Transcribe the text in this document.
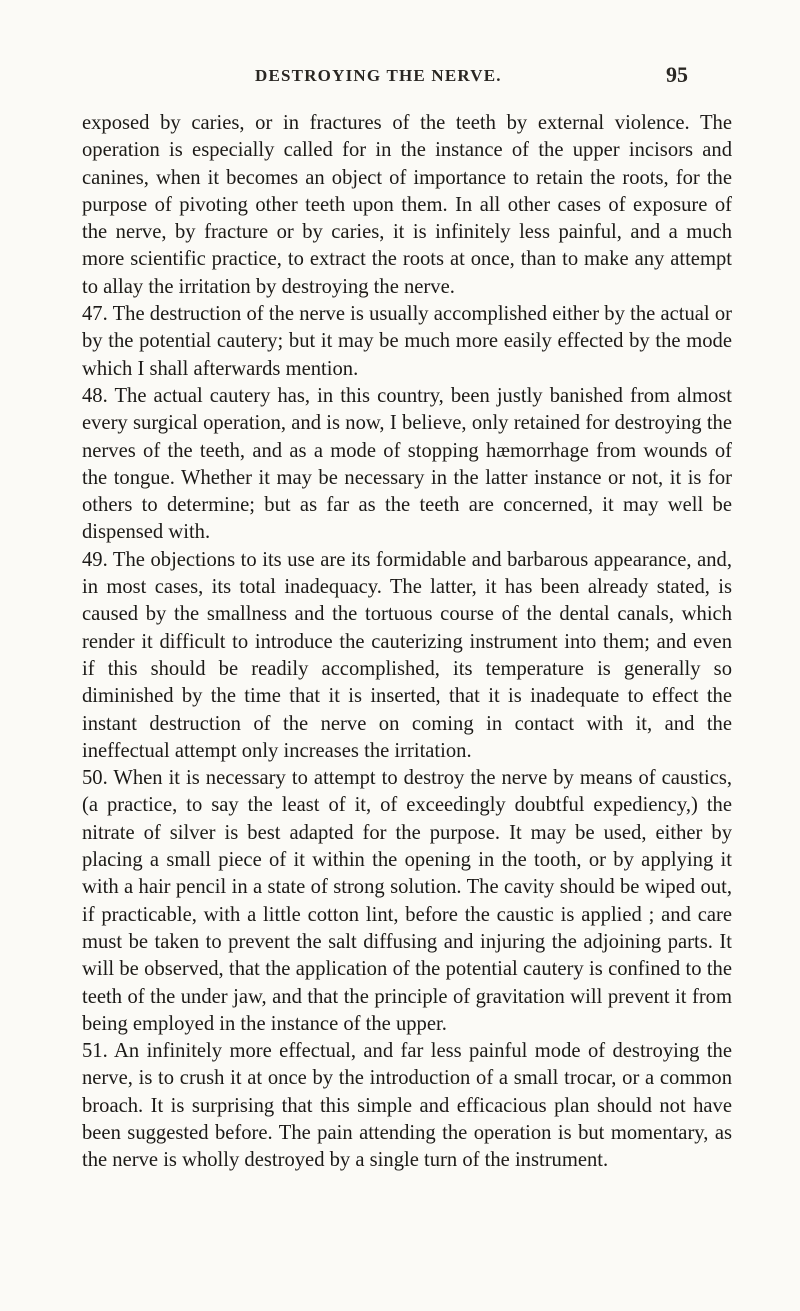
DESTROYING THE NERVE.	95

exposed by caries, or in fractures of the teeth by external violence. The operation is especially called for in the instance of the upper incisors and canines, when it becomes an object of importance to retain the roots, for the purpose of pivoting other teeth upon them. In all other cases of exposure of the nerve, by fracture or by caries, it is infinitely less painful, and a much more scientific practice, to extract the roots at once, than to make any attempt to allay the irritation by destroying the nerve.

47. The destruction of the nerve is usually accomplished either by the actual or by the potential cautery; but it may be much more easily effected by the mode which I shall afterwards mention.

48. The actual cautery has, in this country, been justly banished from almost every surgical operation, and is now, I believe, only retained for destroying the nerves of the teeth, and as a mode of stopping hæmorrhage from wounds of the tongue. Whether it may be necessary in the latter instance or not, it is for others to determine; but as far as the teeth are concerned, it may well be dispensed with.

49. The objections to its use are its formidable and barbarous appearance, and, in most cases, its total inadequacy. The latter, it has been already stated, is caused by the smallness and the tortuous course of the dental canals, which render it difficult to introduce the cauterizing instrument into them; and even if this should be readily accomplished, its temperature is generally so diminished by the time that it is inserted, that it is inadequate to effect the instant destruction of the nerve on coming in contact with it, and the ineffectual attempt only increases the irritation.

50. When it is necessary to attempt to destroy the nerve by means of caustics, (a practice, to say the least of it, of exceedingly doubtful expediency,) the nitrate of silver is best adapted for the purpose. It may be used, either by placing a small piece of it within the opening in the tooth, or by applying it with a hair pencil in a state of strong solution. The cavity should be wiped out, if practicable, with a little cotton lint, before the caustic is applied ; and care must be taken to prevent the salt diffusing and injuring the adjoining parts. It will be observed, that the application of the potential cautery is confined to the teeth of the under jaw, and that the principle of gravitation will prevent it from being employed in the instance of the upper.

51. An infinitely more effectual, and far less painful mode of destroying the nerve, is to crush it at once by the introduction of a small trocar, or a common broach. It is surprising that this simple and efficacious plan should not have been suggested before. The pain attending the operation is but momentary, as the nerve is wholly destroyed by a single turn of the instrument.
